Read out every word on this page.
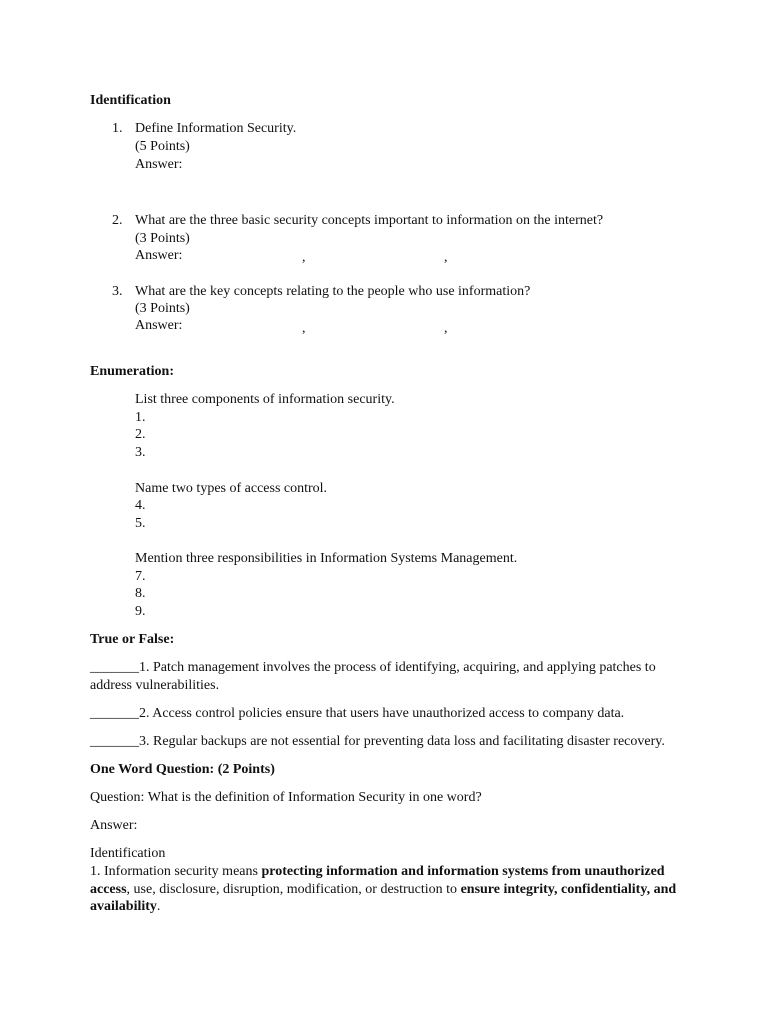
Identification
1. Define Information Security.
(5 Points)
Answer:
2. What are the three basic security concepts important to information on the internet?
(3 Points)
Answer:	,	,
3. What are the key concepts relating to the people who use information?
(3 Points)
Answer:	,	,
Enumeration:
List three components of information security.
1.
2.
3.
Name two types of access control.
4.
5.
Mention three responsibilities in Information Systems Management.
7.
8.
9.
True or False:
_______1. Patch management involves the process of identifying, acquiring, and applying patches to address vulnerabilities.
_______2. Access control policies ensure that users have unauthorized access to company data.
_______3. Regular backups are not essential for preventing data loss and facilitating disaster recovery.
One Word Question: (2 Points)
Question: What is the definition of Information Security in one word?
Answer:
Identification
1. Information security means protecting information and information systems from unauthorized access, use, disclosure, disruption, modification, or destruction to ensure integrity, confidentiality, and availability.
